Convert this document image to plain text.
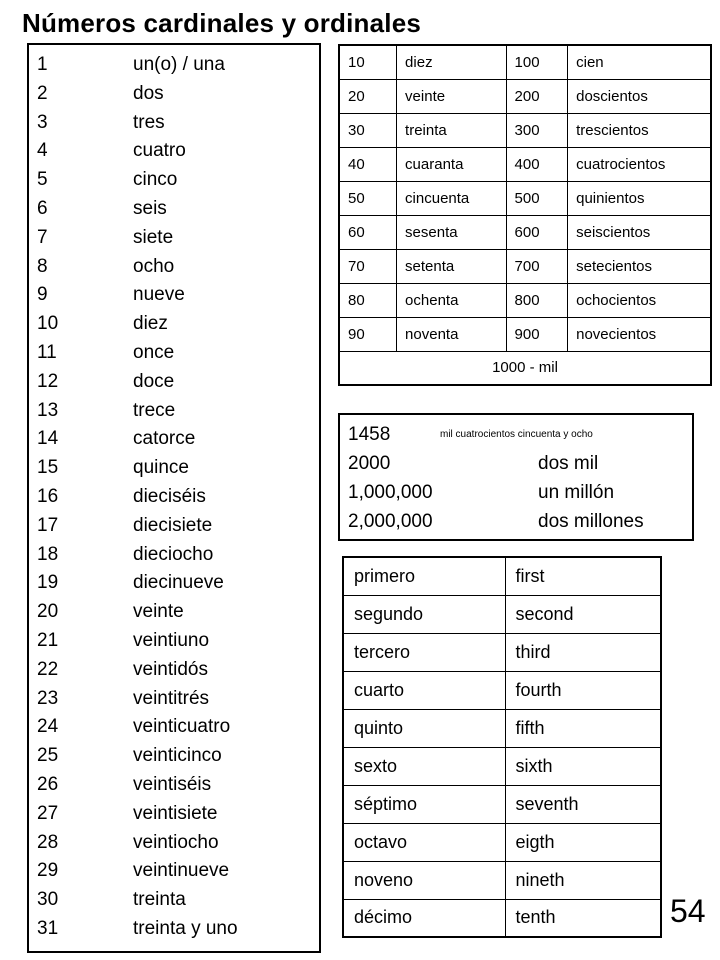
Números cardinales y ordinales
1	un(o) / una
2	dos
3	tres
4	cuatro
5	cinco
6	seis
7	siete
8	ocho
9	nueve
10	diez
11	once
12	doce
13	trece
14	catorce
15	quince
16	dieciséis
17	diecisiete
18	dieciocho
19	diecinueve
20	veinte
21	veintiuno
22	veintidós
23	veintitrés
24	veinticuatro
25	veinticinco
26	veintiséis
27	veintisiete
28	veintiocho
29	veintinueve
30	treinta
31	treinta y uno
10	diez	100	cien
20	veinte	200	doscientos
30	treinta	300	trescientos
40	cuaranta	400	cuatrocientos
50	cincuenta	500	quinientos
60	sesenta	600	seiscientos
70	setenta	700	setecientos
80	ochenta	800	ochocientos
90	noventa	900	novecientos
1000 - mil			
1458	mil cuatrocientos cincuenta y ocho
2000	dos mil
1,000,000	un millón
2,000,000	dos millones
primero	first
segundo	second
tercero	third
cuarto	fourth
quinto	fifth
sexto	sixth
séptimo	seventh
octavo	eigth
noveno	nineth
décimo	tenth	54
